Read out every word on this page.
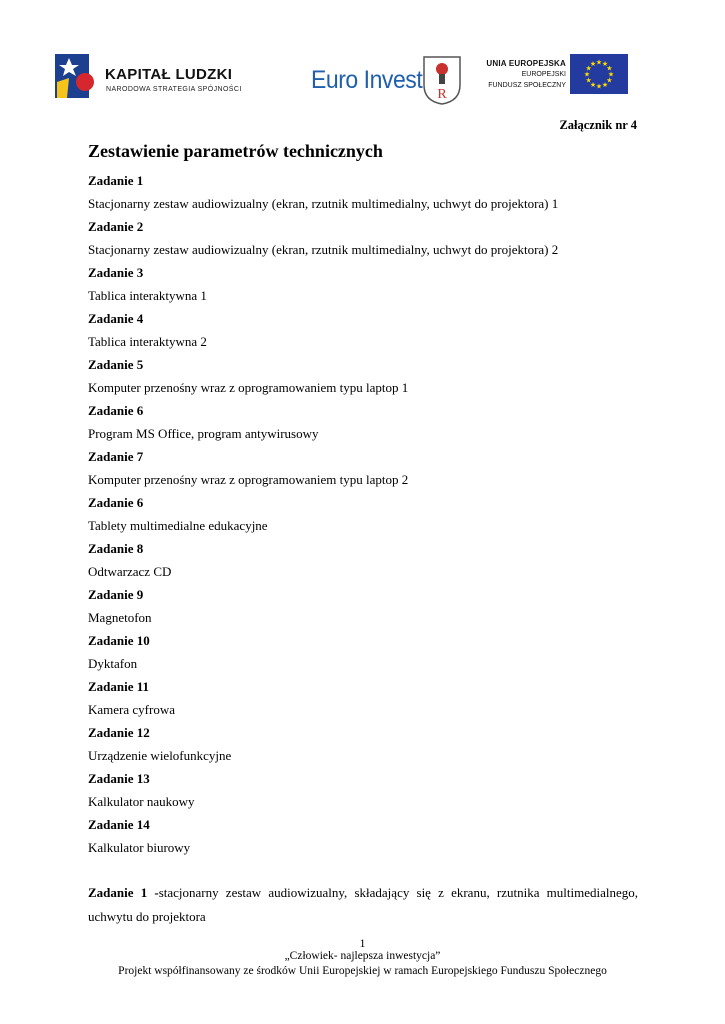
KAPITAŁ LUDZKI
NARODOWA STRATEGIA SPÓJNOŚCI	Euro Invest
R
UNIA EUROPEJSKA
EUROPEJSKI
FUNDUSZ SPOŁECZNY
★
★
★
★
★
★
★
★
★ ★ ★
★
Załącznik nr 4
Zestawienie parametrów technicznych
Zadanie 1
Stacjonarny zestaw audiowizualny (ekran, rzutnik multimedialny, uchwyt do projektora) 1
Zadanie 2
Stacjonarny zestaw audiowizualny (ekran, rzutnik multimedialny, uchwyt do projektora) 2
Zadanie 3
Tablica interaktywna 1
Zadanie 4
Tablica interaktywna 2
Zadanie 5
Komputer przenośny wraz z oprogramowaniem typu laptop 1
Zadanie 6
Program MS Office, program antywirusowy
Zadanie 7
Komputer przenośny wraz z oprogramowaniem typu laptop 2
Zadanie 6
Tablety multimedialne edukacyjne
Zadanie 8
Odtwarzacz CD
Zadanie 9
Magnetofon
Zadanie 10
Dyktafon
Zadanie 11
Kamera cyfrowa
Zadanie 12
Urządzenie wielofunkcyjne
Zadanie 13
Kalkulator naukowy
Zadanie 14
Kalkulator biurowy
Zadanie 1 -stacjonarny zestaw audiowizualny, składający się z ekranu, rzutnika multimedialnego, uchwytu do projektora
1
„Człowiek- najlepsza inwestycja”
Projekt współfinansowany ze środków Unii Europejskiej w ramach Europejskiego Funduszu Społecznego
